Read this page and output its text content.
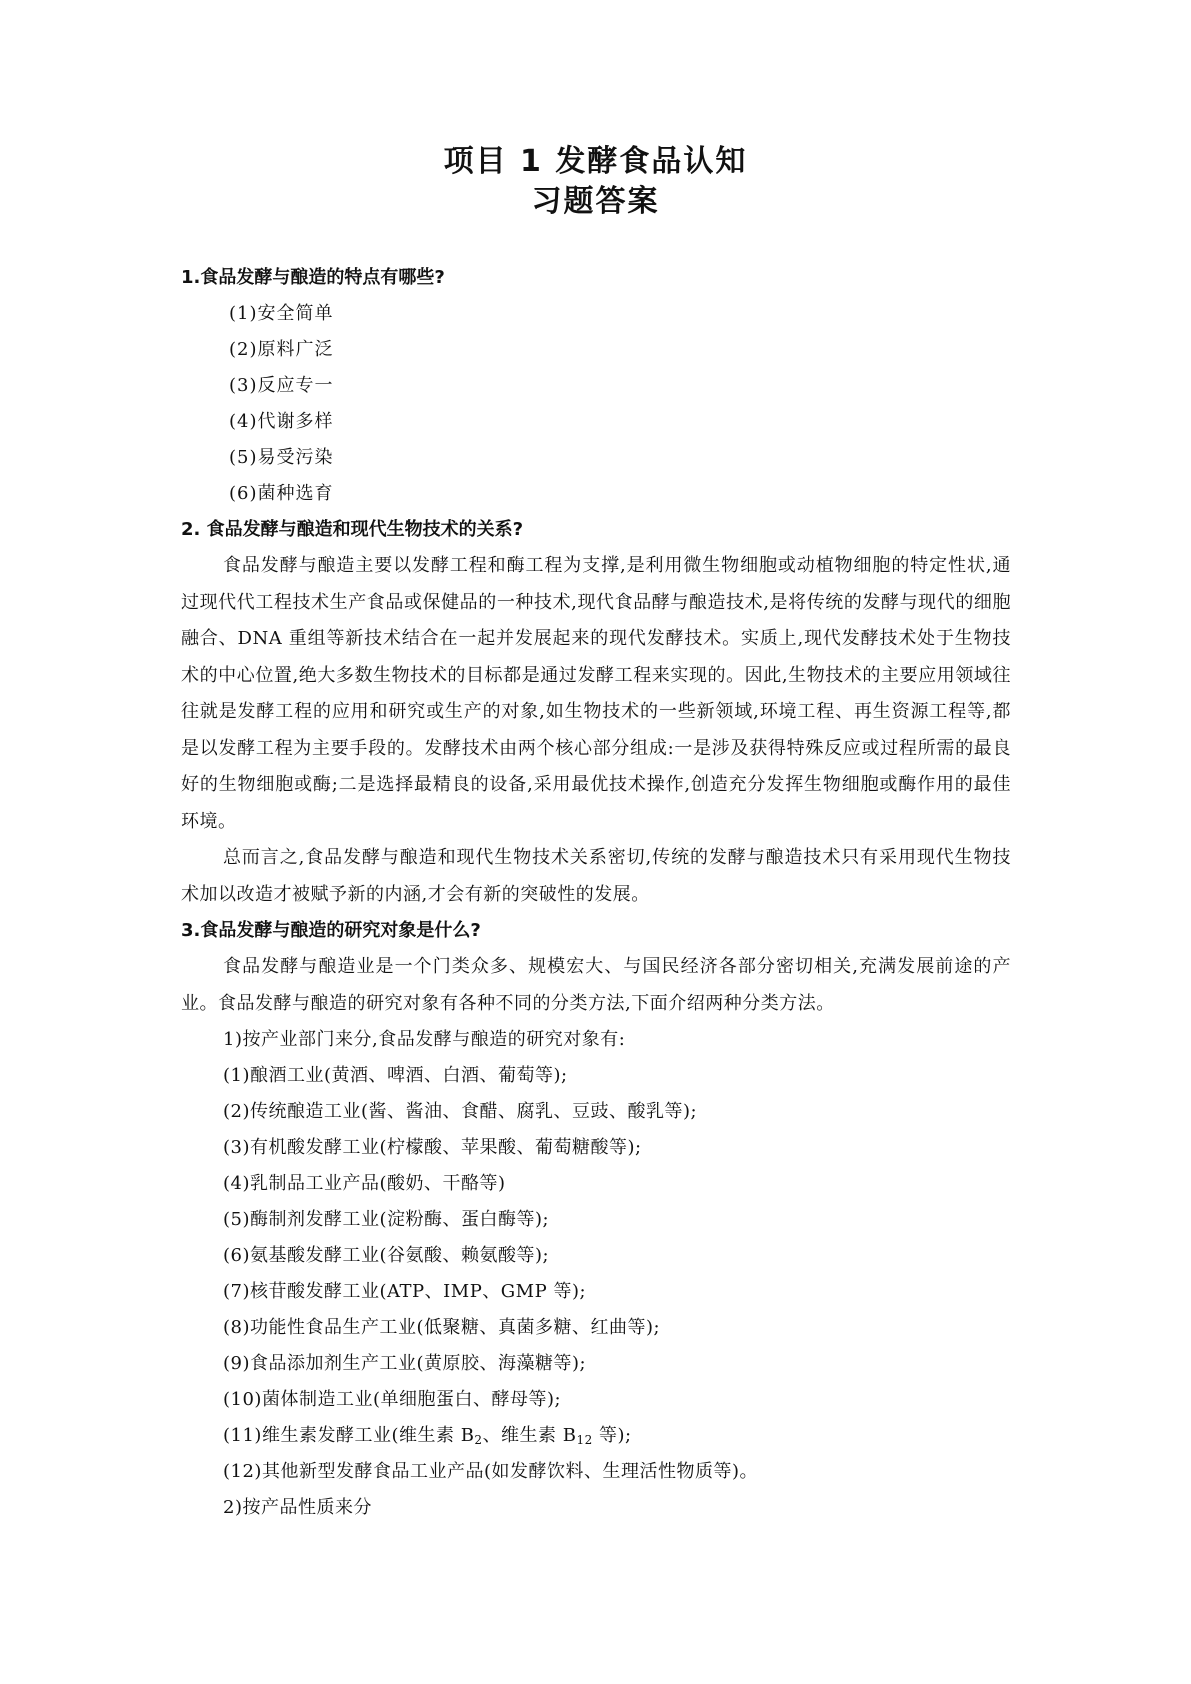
项目 1 发酵食品认知
习题答案
1.食品发酵与酿造的特点有哪些?
(1)安全简单
(2)原料广泛
(3)反应专一
(4)代谢多样
(5)易受污染
(6)菌种选育
2. 食品发酵与酿造和现代生物技术的关系?

食品发酵与酿造主要以发酵工程和酶工程为支撑,是利用微生物细胞或动植物细胞的特定性状,通过现代代工程技术生产食品或保健品的一种技术,现代食品酵与酿造技术,是将传统的发酵与现代的细胞融合、DNA 重组等新技术结合在一起并发展起来的现代发酵技术。实质上,现代发酵技术处于生物技术的中心位置,绝大多数生物技术的目标都是通过发酵工程来实现的。因此,生物技术的主要应用领域往往就是发酵工程的应用和研究或生产的对象,如生物技术的一些新领域,环境工程、再生资源工程等,都是以发酵工程为主要手段的。发酵技术由两个核心部分组成:一是涉及获得特殊反应或过程所需的最良好的生物细胞或酶;二是选择最精良的设备,采用最优技术操作,创造充分发挥生物细胞或酶作用的最佳环境。

总而言之,食品发酵与酿造和现代生物技术关系密切,传统的发酵与酿造技术只有采用现代生物技术加以改造才被赋予新的内涵,才会有新的突破性的发展。

3.食品发酵与酿造的研究对象是什么?

食品发酵与酿造业是一个门类众多、规模宏大、与国民经济各部分密切相关,充满发展前途的产业。食品发酵与酿造的研究对象有各种不同的分类方法,下面介绍两种分类方法。

1)按产业部门来分,食品发酵与酿造的研究对象有:
(1)酿酒工业(黄酒、啤酒、白酒、葡萄等);
(2)传统酿造工业(酱、酱油、食醋、腐乳、豆豉、酸乳等);
(3)有机酸发酵工业(柠檬酸、苹果酸、葡萄糖酸等);
(4)乳制品工业产品(酸奶、干酪等)
(5)酶制剂发酵工业(淀粉酶、蛋白酶等);
(6)氨基酸发酵工业(谷氨酸、赖氨酸等);
(7)核苷酸发酵工业(ATP、IMP、GMP 等);
(8)功能性食品生产工业(低聚糖、真菌多糖、红曲等);
(9)食品添加剂生产工业(黄原胶、海藻糖等);
(10)菌体制造工业(单细胞蛋白、酵母等);
(11)维生素发酵工业(维生素 $B_2$、维生素 $B_{12}$ 等);
(12)其他新型发酵食品工业产品(如发酵饮料、生理活性物质等)。
2)按产品性质来分
